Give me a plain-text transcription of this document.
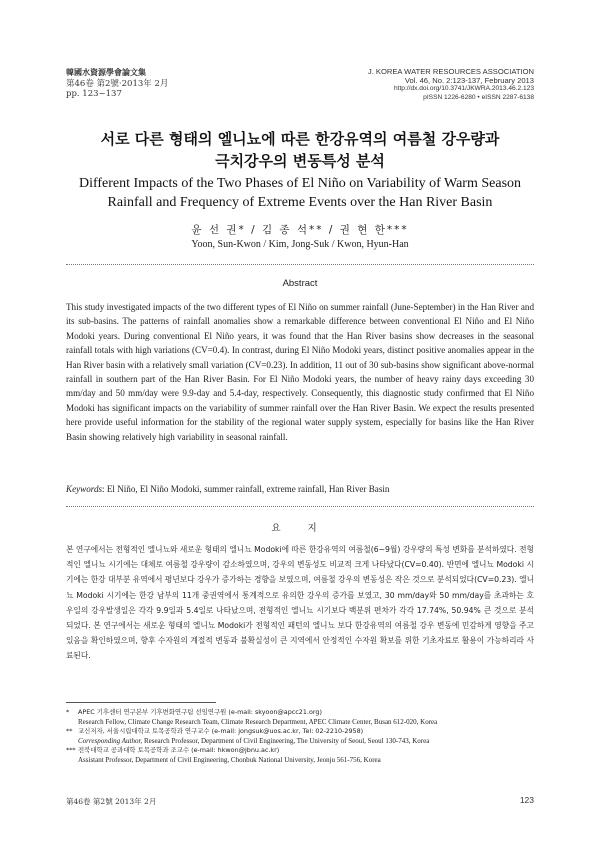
韓國水資源學會論文集
第46卷 第2號·2013年 2月
pp. 123~137
J. KOREA WATER RESOURCES ASSOCIATION
Vol. 46, No. 2:123-137, February 2013
http://dx.doi.org/10.3741/JKWRA.2013.46.2.123
pISSN 1226-6280 • eISSN 2287-6138
서로 다른 형태의 엘니뇨에 따른 한강유역의 여름철 강우량과
극치강우의 변동특성 분석
Different Impacts of the Two Phases of El Niño on Variability of Warm Season
Rainfall and Frequency of Extreme Events over the Han River Basin
윤 선 권* / 김 종 석** / 권 현 한***
Yoon, Sun-Kwon / Kim, Jong-Suk / Kwon, Hyun-Han
Abstract
This study investigated impacts of the two different types of El Niño on summer rainfall (June-September) in the Han River and its sub-basins. The patterns of rainfall anomalies show a remarkable difference between conventional El Niño and El Niño Modoki years. During conventional El Niño years, it was found that the Han River basins show decreases in the seasonal rainfall totals with high variations (CV=0.4). In contrast, during El Niño Modoki years, distinct positive anomalies appear in the Han River basin with a relatively small variation (CV=0.23). In addition, 11 out of 30 sub-basins show significant above-normal rainfall in southern part of the Han River Basin. For El Niño Modoki years, the number of heavy rainy days exceeding 30 mm/day and 50 mm/day were 9.9-day and 5.4-day, respectively. Consequently, this diagnostic study confirmed that El Niño Modoki has significant impacts on the variability of summer rainfall over the Han River Basin. We expect the results presented here provide useful information for the stability of the regional water supply system, especially for basins like the Han River Basin showing relatively high variability in seasonal rainfall.
Keywords: El Niño, El Niño Modoki, summer rainfall, extreme rainfall, Han River Basin
요 지
본 연구에서는 전형적인 엘니뇨와 새로운 형태의 엘니뇨 Modoki에 따른 한강유역의 여름철(6~9월) 강우량의 특성 변화를 분석하였다. 전형적인 엘니뇨 시기에는 대체로 여름철 강우량이 감소하였으며, 강우의 변동성도 비교적 크게 나타났다(CV=0.40). 반면에 엘니뇨 Modoki 시기에는 한강 대부분 유역에서 평년보다 강우가 증가하는 경향을 보였으며, 여름철 강우의 변동성은 작은 것으로 분석되었다(CV=0.23). 엘니뇨 Modoki 시기에는 한강 남부의 11개 중권역에서 통계적으로 유의한 강우의 증가를 보였고, 30 mm/day와 50 mm/day를 초과하는 호우일의 강우발생일은 각각 9.9일과 5.4일로 나타났으며, 전형적인 엘니뇨 시기보다 백분위 편차가 각각 17.74%, 50.94% 큰 것으로 분석되었다. 본 연구에서는 새로운 형태의 엘니뇨 Modoki가 전형적인 패턴의 엘니뇨 보다 한강유역의 여름철 강우 변동에 민감하게 영향을 주고 있음을 확인하였으며, 향후 수자원의 계절적 변동과 불확실성이 큰 지역에서 안정적인 수자원 확보를 위한 기초자료로 활용이 가능하리라 사료된다.
*	APEC 기후센터 연구본부 기후변화연구팀 선임연구원 (e-mail: skyoon@apcc21.org)
Research Fellow, Climate Change Research Team, Climate Research Department, APEC Climate Center, Busan 612-020, Korea
** 교신저자, 서울시립대학교 토목공학과 연구교수 (e-mail: jongsuk@uos.ac.kr, Tel: 02-2210-2958)
Corresponding Author, Research Professor, Department of Civil Engineering, The University of Seoul, Seoul 130-743, Korea
*** 전북대학교 공과대학 토목공학과 조교수 (e-mail: hkwon@jbnu.ac.kr)
Assistant Professor, Department of Civil Engineering, Chonbuk National University, Jeonju 561-756, Korea
第46卷 第2號 2013年 2月	123
